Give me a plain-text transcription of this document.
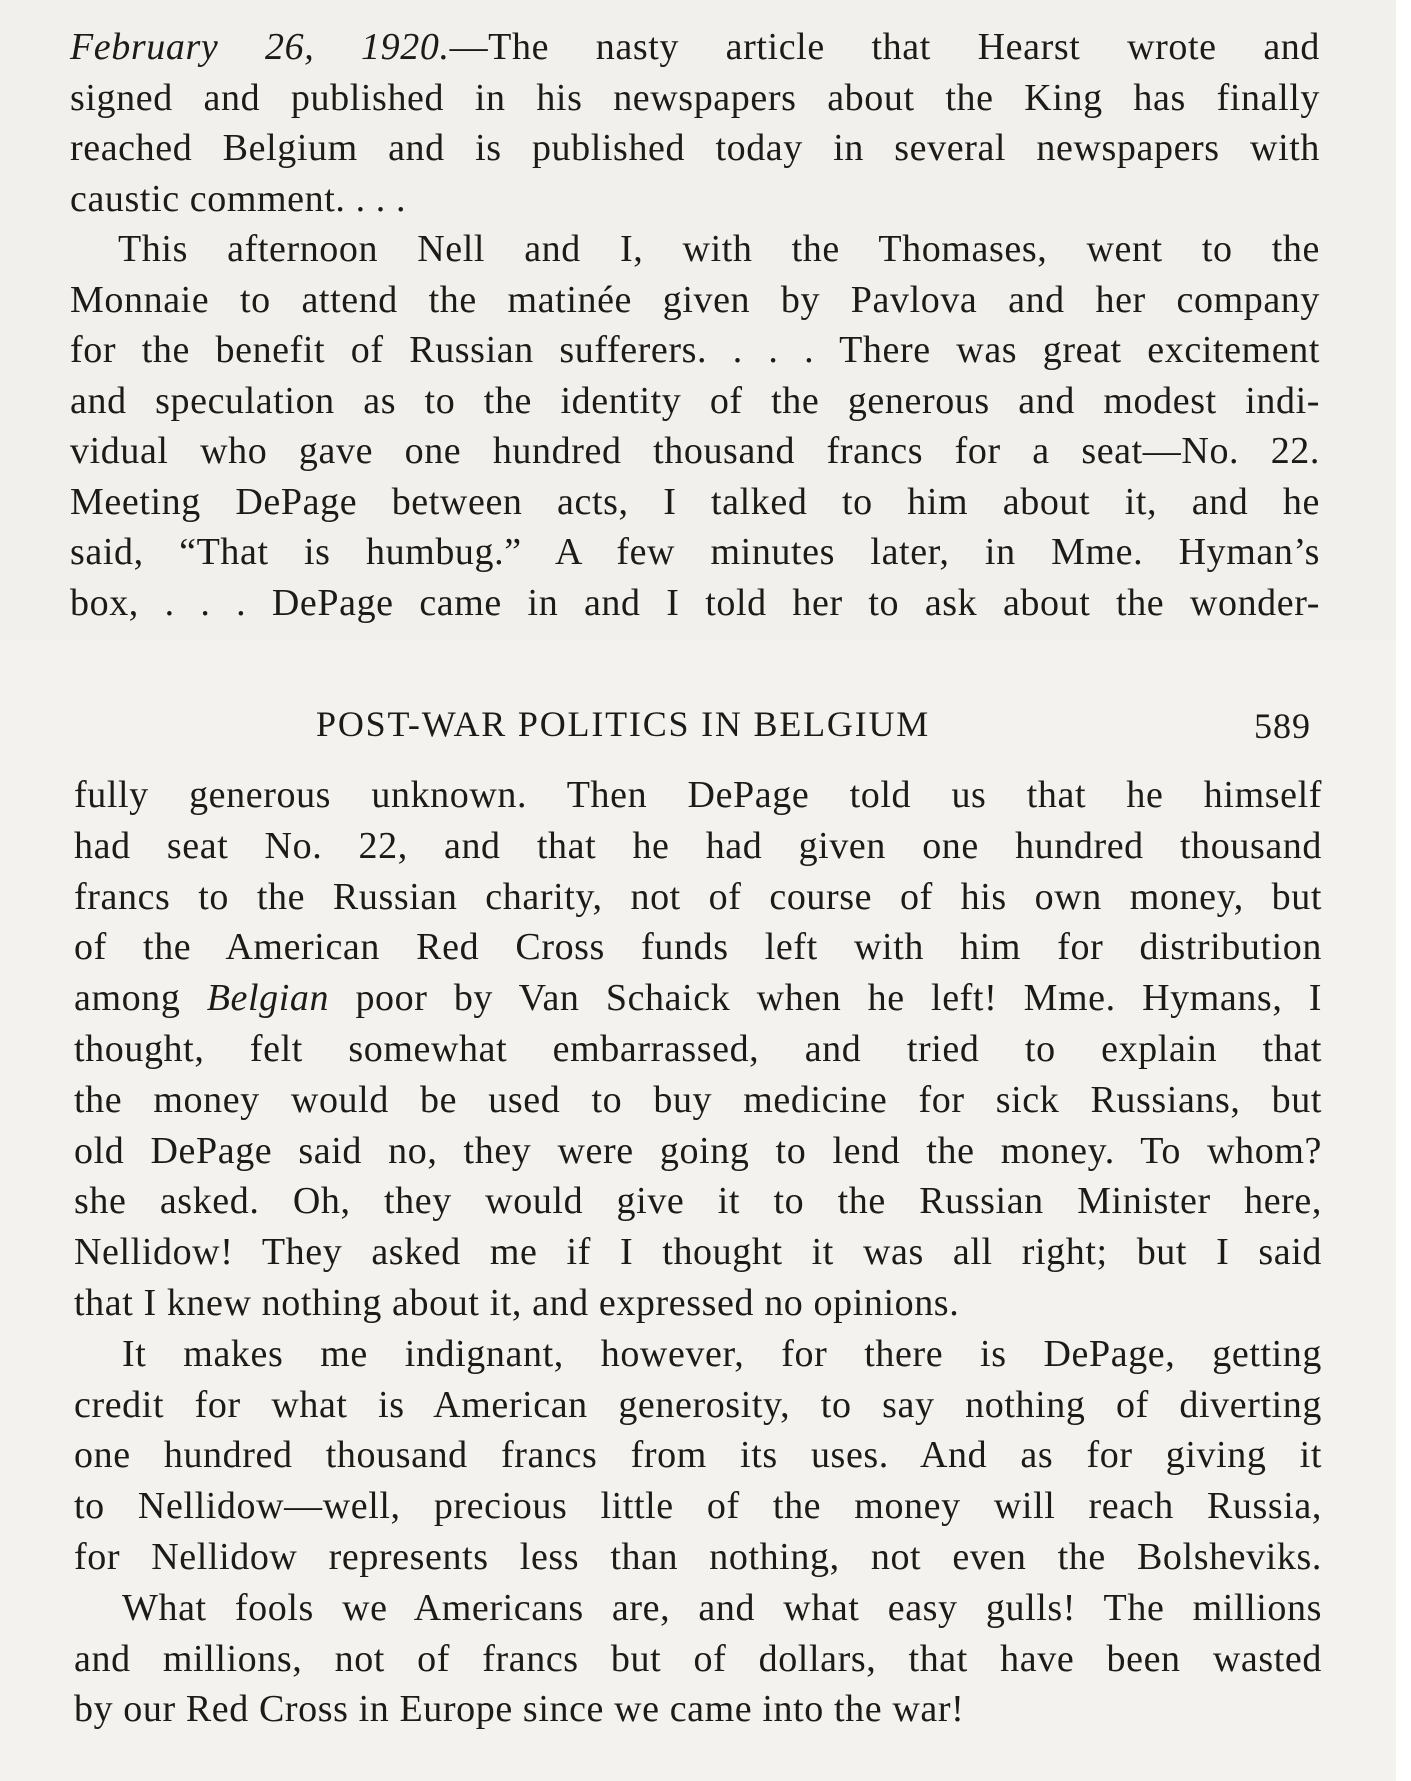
February 26, 1920.—The nasty article that Hearst wrote and
signed and published in his newspapers about the King has finally
reached Belgium and is published today in several newspapers with
caustic comment. . . .
This afternoon Nell and I, with the Thomases, went to the
Monnaie to attend the matinée given by Pavlova and her company
for the benefit of Russian sufferers. . . . There was great excitement
and speculation as to the identity of the generous and modest indi-
vidual who gave one hundred thousand francs for a seat—No. 22.
Meeting DePage between acts, I talked to him about it, and he
said, “That is humbug.” A few minutes later, in Mme. Hyman’s
box, . . . DePage came in and I told her to ask about the wonder-
POST-WAR POLITICS IN BELGIUM	589
fully generous unknown. Then DePage told us that he himself
had seat No. 22, and that he had given one hundred thousand
francs to the Russian charity, not of course of his own money, but
of the American Red Cross funds left with him for distribution
among Belgian poor by Van Schaick when he left! Mme. Hymans, I
thought, felt somewhat embarrassed, and tried to explain that
the money would be used to buy medicine for sick Russians, but
old DePage said no, they were going to lend the money. To whom?
she asked. Oh, they would give it to the Russian Minister here,
Nellidow! They asked me if I thought it was all right; but I said
that I knew nothing about it, and expressed no opinions.
It makes me indignant, however, for there is DePage, getting
credit for what is American generosity, to say nothing of diverting
one hundred thousand francs from its uses. And as for giving it
to Nellidow—well, precious little of the money will reach Russia,
for Nellidow represents less than nothing, not even the Bolsheviks.
What fools we Americans are, and what easy gulls! The millions
and millions, not of francs but of dollars, that have been wasted
by our Red Cross in Europe since we came into the war!
